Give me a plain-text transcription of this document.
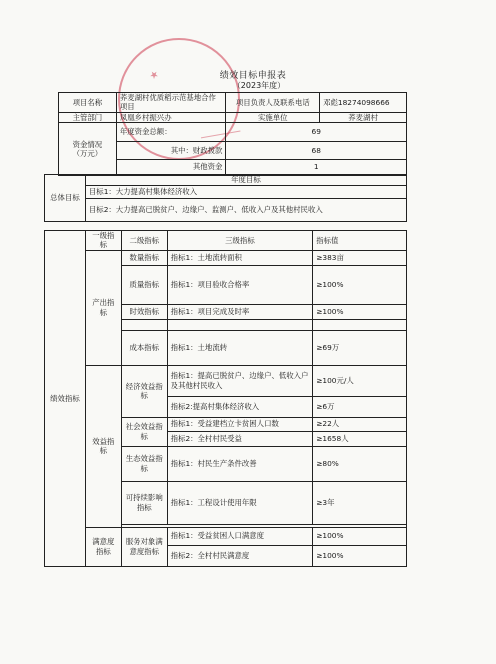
★	绩效目标申报表
（2023年度）
项目名称	荞麦湖村优质稻示范基地合作项目	项目负责人及联系电话	邓彪18274098666
主管部门	凤凰乡村振兴办	实施单位	荞麦湖村
资金情况
（万元）	年度资金总额：	69	
	其中：财政拨款	68	
	其他资金	1	

总体目标	年度目标
目标1：大力提高村集体经济收入
目标2：大力提高已脱贫户、边缘户、监测户、低收入户及其他村民收入
绩效指标	一级指标	二级指标	三级指标	指标值
	产出指标	数量指标	指标1：土地流转面积	≥383亩
		质量指标	指标1：项目验收合格率	≥100%
		时效指标	指标1：项目完成及时率	≥100%

		成本指标	指标1：土地流转	≥69万
	效益指标	经济效益指标	指标1：提高已脱贫户、边缘户、低收入户及其他村民收入	≥100元/人
			指标2:提高村集体经济收入	≥6万
		社会效益指标	指标1：受益建档立卡贫困人口数	≥22人
			指标2：全村村民受益	≥1658人
		生态效益指标	指标1：村民生产条件改善	≥80%
		可持续影响指标	指标1：工程设计使用年限	≥3年

	满意度指标	服务对象满意度指标	指标1：受益贫困人口满意度	≥100%
			指标2：全村村民满意度	≥100%
